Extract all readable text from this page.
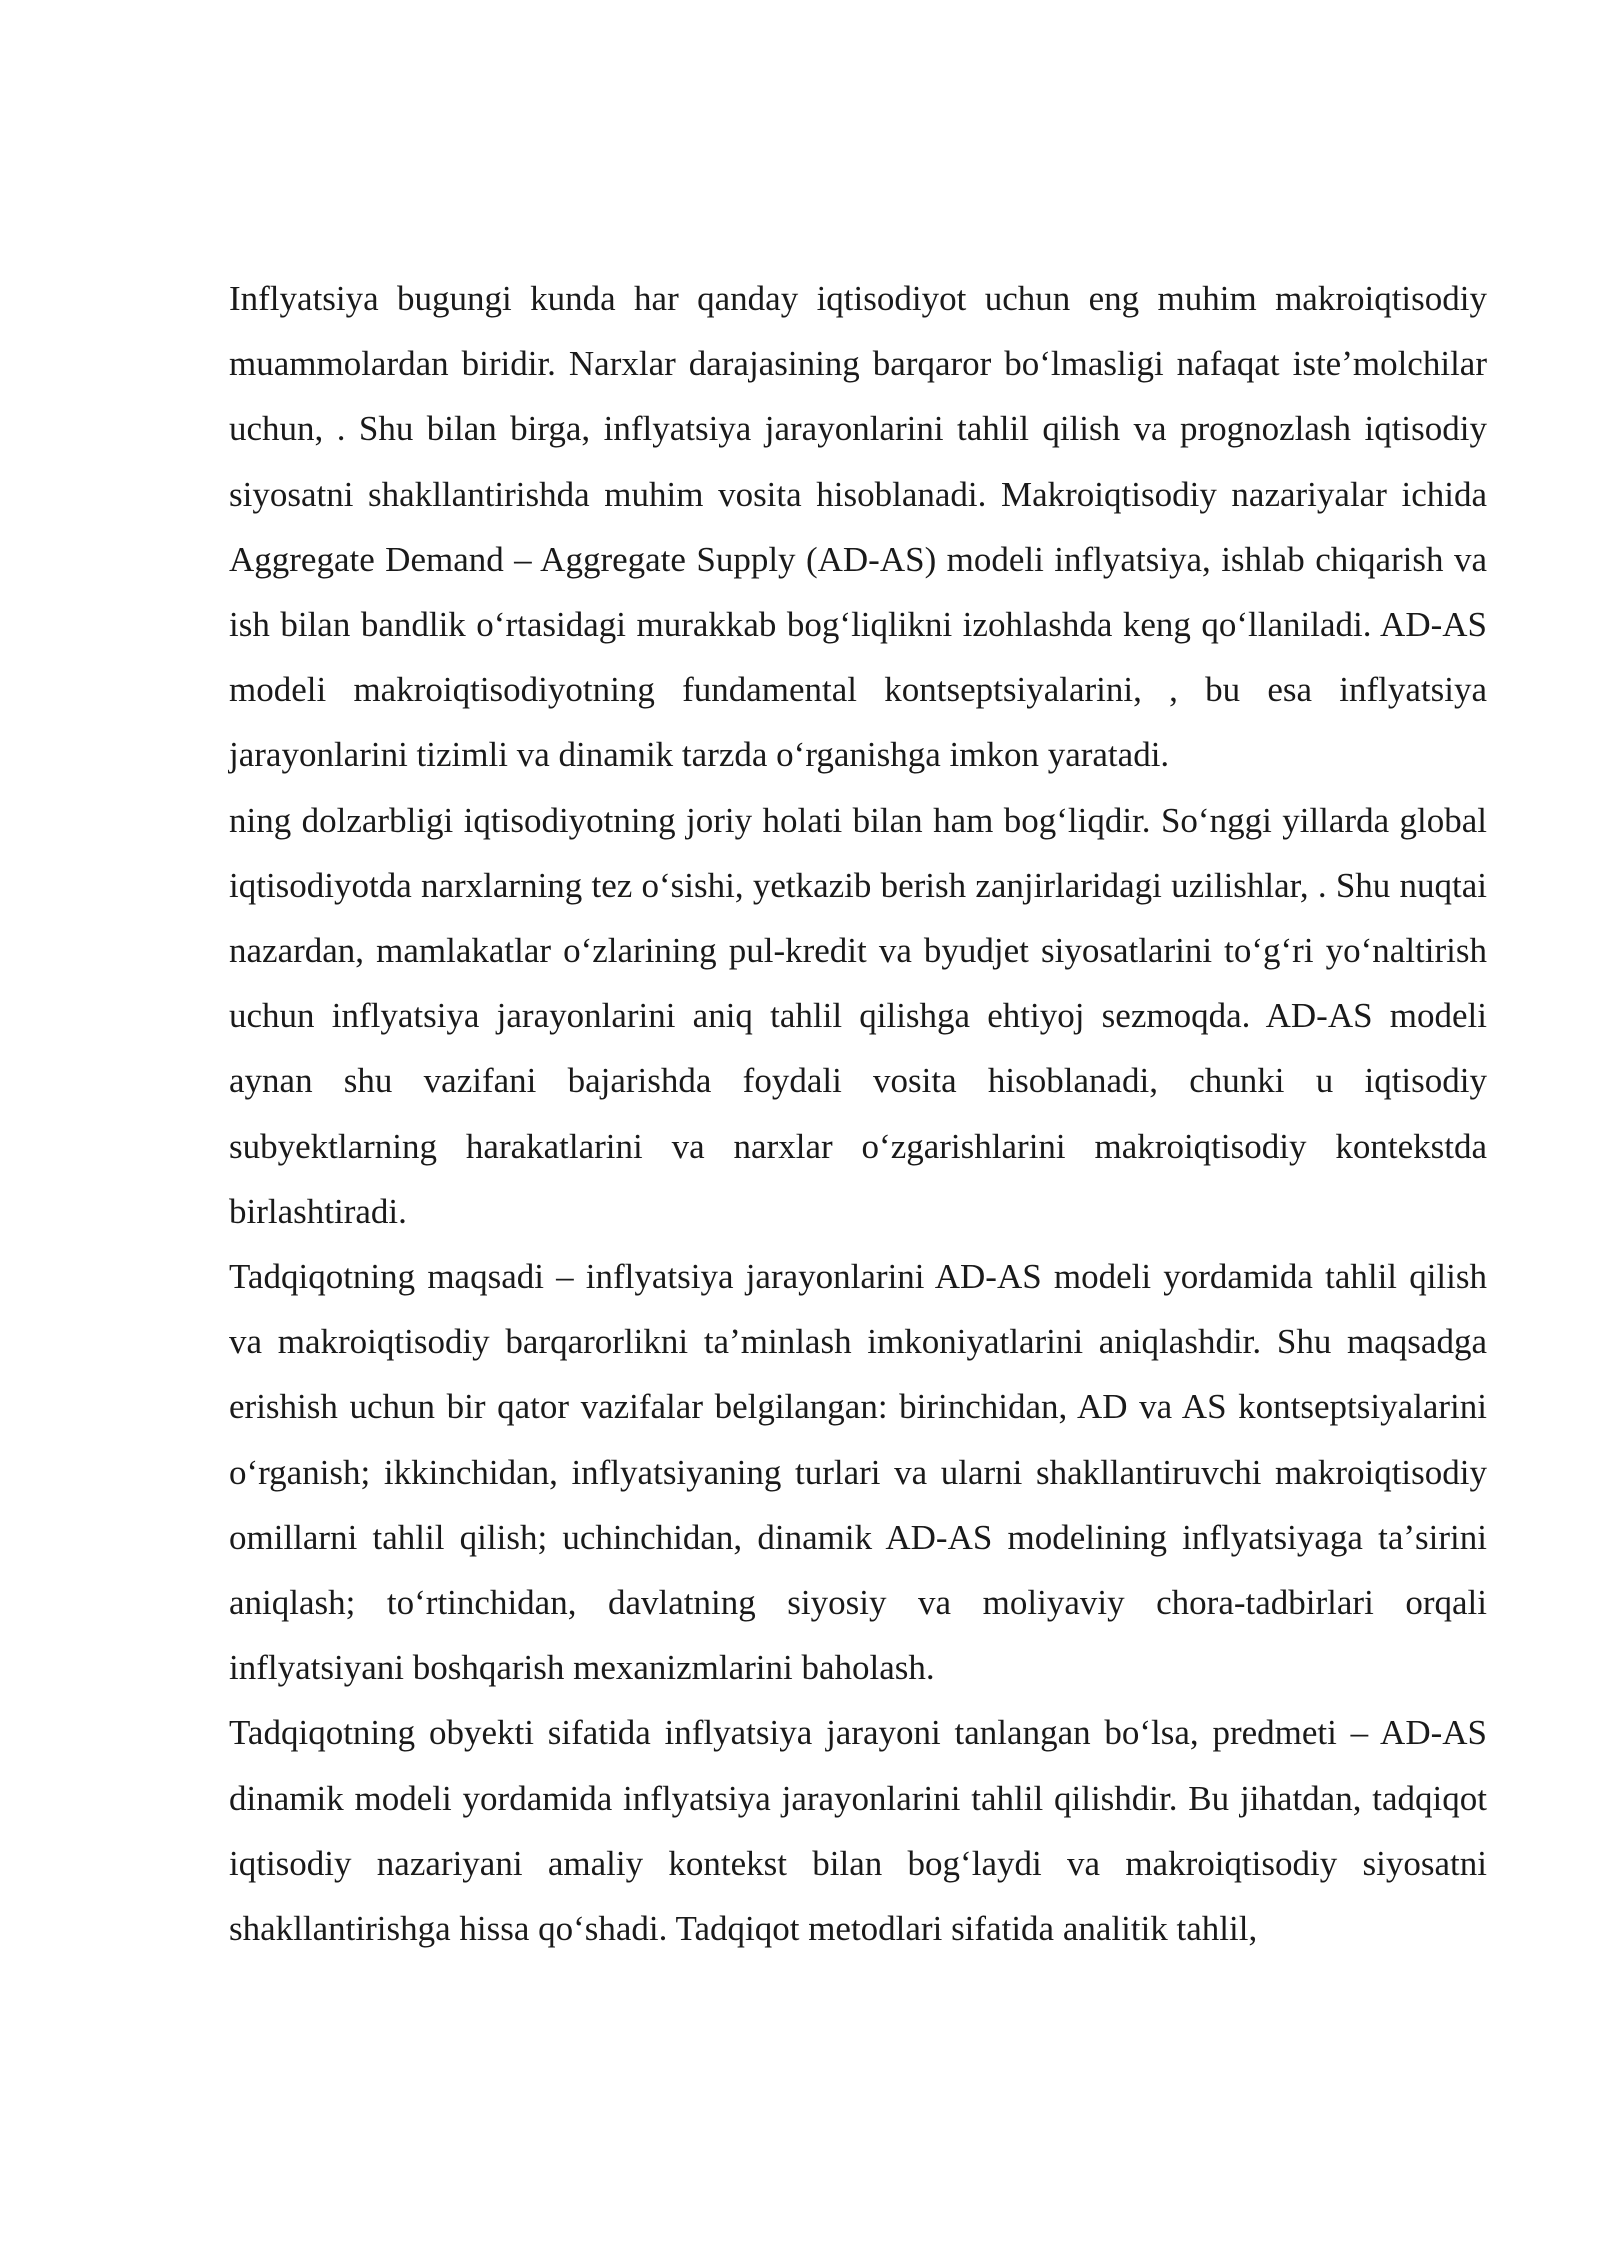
Inflyatsiya bugungi kunda har qanday iqtisodiyot uchun eng muhim makroiqtisodiy muammolardan biridir. Narxlar darajasining barqaror boʻlmasligi nafaqat isteʼmolchilar uchun, . Shu bilan birga, inflyatsiya jarayonlarini tahlil qilish va prognozlash iqtisodiy siyosatni shakllantirishda muhim vosita hisoblanadi. Makroiqtisodiy nazariyalar ichida Aggregate Demand – Aggregate Supply (AD-AS) modeli inflyatsiya, ishlab chiqarish va ish bilan bandlik oʻrtasidagi murakkab bogʻliqlikni izohlashda keng qoʻllaniladi. AD-AS modeli makroiqtisodiyotning fundamental kontseptsiyalarini, , bu esa inflyatsiya jarayonlarini tizimli va dinamik tarzda oʻrganishga imkon yaratadi.

ning dolzarbligi iqtisodiyotning joriy holati bilan ham bogʻliqdir. Soʻnggi yillarda global iqtisodiyotda narxlarning tez oʻsishi, yetkazib berish zanjirlaridagi uzilishlar, . Shu nuqtai nazardan, mamlakatlar oʻzlarining pul-kredit va byudjet siyosatlarini toʻgʻri yoʻnaltirish uchun inflyatsiya jarayonlarini aniq tahlil qilishga ehtiyoj sezmoqda. AD-AS modeli aynan shu vazifani bajarishda foydali vosita hisoblanadi, chunki u iqtisodiy subyektlarning harakatlarini va narxlar oʻzgarishlarini makroiqtisodiy kontekstda birlashtiradi.

Tadqiqotning maqsadi – inflyatsiya jarayonlarini AD-AS modeli yordamida tahlil qilish va makroiqtisodiy barqarorlikni taʼminlash imkoniyatlarini aniqlashdir. Shu maqsadga erishish uchun bir qator vazifalar belgilangan: birinchidan, AD va AS kontseptsiyalarini oʻrganish; ikkinchidan, inflyatsiyaning turlari va ularni shakllantiruvchi makroiqtisodiy omillarni tahlil qilish; uchinchidan, dinamik AD-AS modelining inflyatsiyaga taʼsirini aniqlash; toʻrtinchidan, davlatning siyosiy va moliyaviy chora-tadbirlari orqali inflyatsiyani boshqarish mexanizmlarini baholash.

Tadqiqotning obyekti sifatida inflyatsiya jarayoni tanlangan boʻlsa, predmeti – AD-AS dinamik modeli yordamida inflyatsiya jarayonlarini tahlil qilishdir. Bu jihatdan, tadqiqot iqtisodiy nazariyani amaliy kontekst bilan bogʻlaydi va makroiqtisodiy siyosatni shakllantirishga hissa qoʻshadi. Tadqiqot metodlari sifatida analitik tahlil,
